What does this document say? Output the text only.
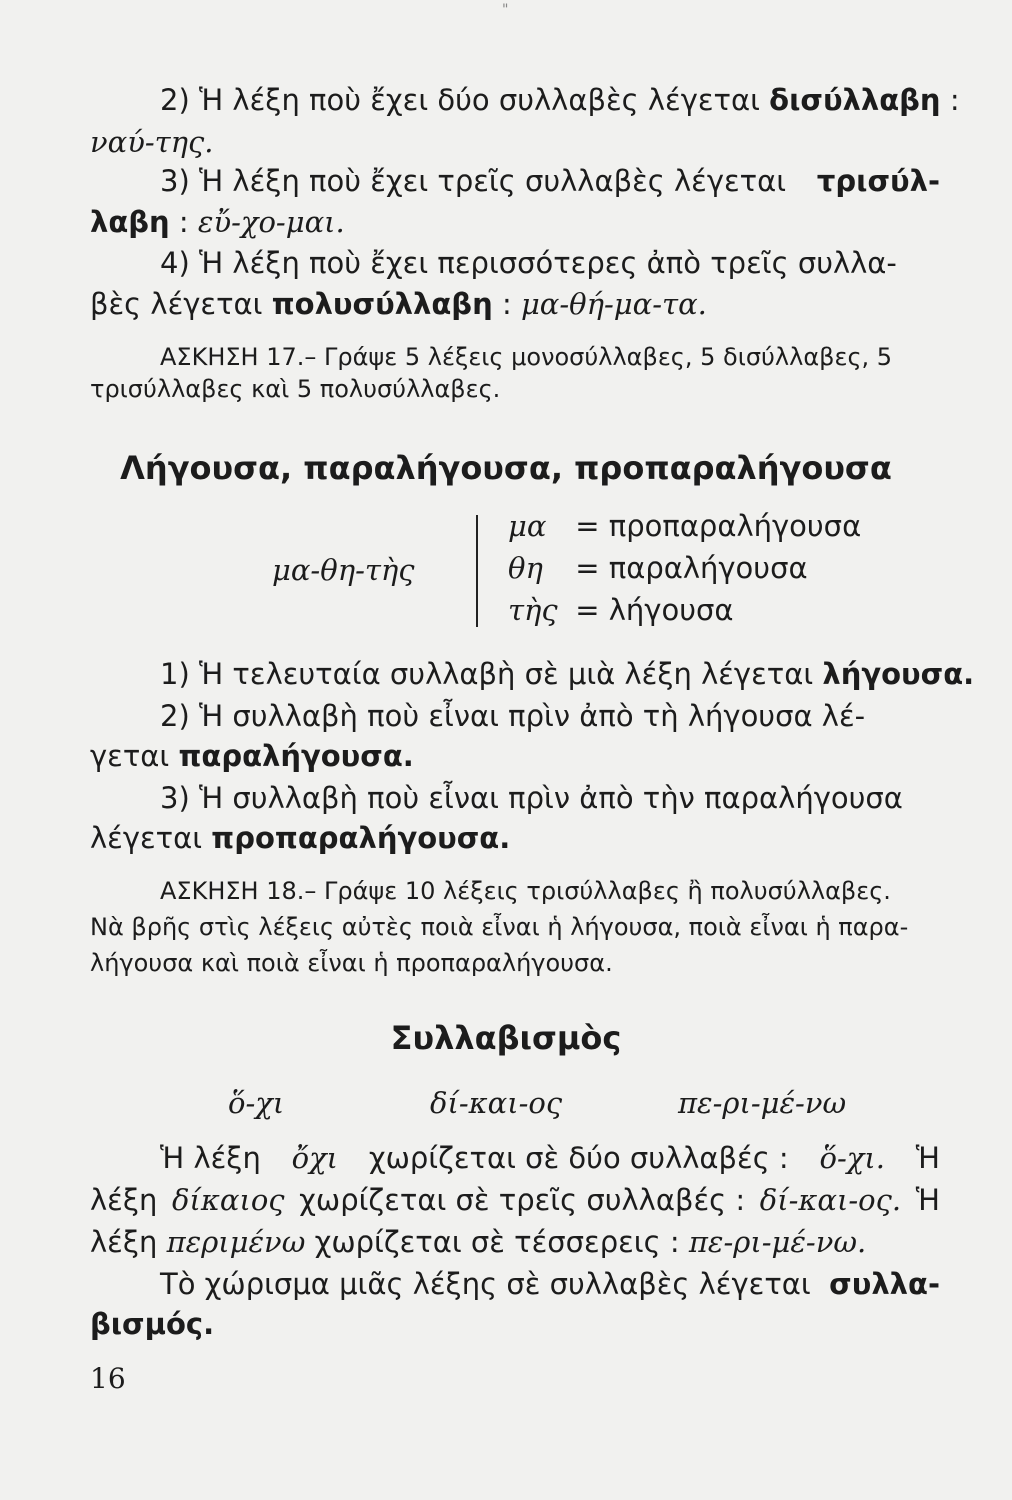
"
2) Ἡ λέξη ποὺ ἔχει δύο συλλαβὲς λέγεται δισύλλαβη :
ναύ-της.
3) Ἡ λέξη ποὺ ἔχει τρεῖς συλλαβὲς λέγεται τρισύλ-
λαβη : εὔ-χο-μαι.
4) Ἡ λέξη ποὺ ἔχει περισσότερες ἀπὸ τρεῖς συλλα-
βὲς λέγεται πολυσύλλαβη : μα-θή-μα-τα.
ΑΣΚΗΣΗ 17.– Γράψε 5 λέξεις μονοσύλλαβες, 5 δισύλλαβες, 5
τρισύλλαβες καὶ 5 πολυσύλλαβες.
Λήγουσα, παραλήγουσα, προπαραλήγουσα
μα-θη-τὴς
μα = προπαραλήγουσα
θη = παραλήγουσα
τὴς = λήγουσα
1) Ἡ τελευταία συλλαβὴ σὲ μιὰ λέξη λέγεται λήγουσα.
2) Ἡ συλλαβὴ ποὺ εἶναι πρὶν ἀπὸ τὴ λήγουσα λέ-
γεται παραλήγουσα.
3) Ἡ συλλαβὴ ποὺ εἶναι πρὶν ἀπὸ τὴν παραλήγουσα
λέγεται προπαραλήγουσα.
ΑΣΚΗΣΗ 18.– Γράψε 10 λέξεις τρισύλλαβες ἢ πολυσύλλαβες.
Νὰ βρῆς στὶς λέξεις αὐτὲς ποιὰ εἶναι ἡ λήγουσα, ποιὰ εἶναι ἡ παρα-
λήγουσα καὶ ποιὰ εἶναι ἡ προπαραλήγουσα.
Συλλαβισμὸς
ὅ-χι	δί-και-ος	πε-ρι-μέ-νω
Ἡ λέξη ὄχι χωρίζεται σὲ δύο συλλαβές : ὅ-χι. Ἡ
λέξη δίκαιος χωρίζεται σὲ τρεῖς συλλαβές : δί-και-ος. Ἡ
λέξη περιμένω χωρίζεται σὲ τέσσερεις : πε-ρι-μέ-νω.
Τὸ χώρισμα μιᾶς λέξης σὲ συλλαβὲς λέγεται συλλα-
βισμός.
16
